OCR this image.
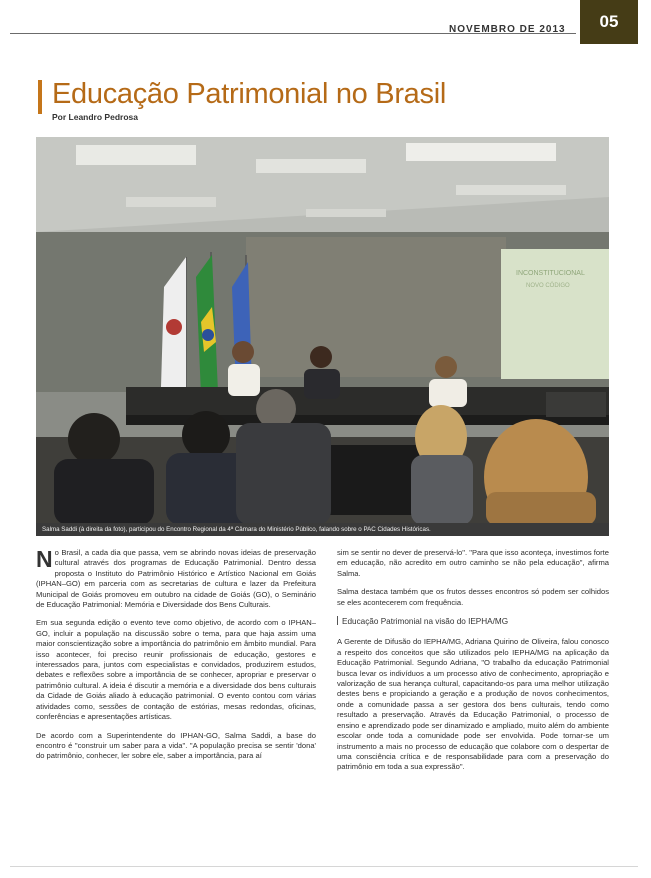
NOVEMBRO DE 2013	05
Educação Patrimonial no Brasil
Por Leandro Pedrosa
INCONSTITUCIONAL
NOVO CÓDIGO
Salma Saddi (à direita da foto), participou do Encontro Regional da 4ª Câmara do Ministério Público, falando sobre o PAC Cidades Históricas.

No Brasil, a cada dia que passa, vem se abrindo novas ideias de preservação cultural através dos programas de Educação Patrimonial. Dentro dessa proposta o Instituto do Patrimônio Histórico e Artístico Nacional em Goiás (IPHAN–GO) em parceria com as secretarias de cultura e lazer da Prefeitura Municipal de Goiás promoveu em outubro na cidade de Goiás (GO), o Seminário de Educação Patrimonial: Memória e Diversidade dos Bens Culturais.

Em sua segunda edição o evento teve como objetivo, de acordo com o IPHAN–GO, incluir a população na discussão sobre o tema, para que haja assim uma maior conscientização sobre a importância do patrimônio em âmbito mundial. Para isso acontecer, foi preciso reunir profissionais de educação, gestores e interessados para, juntos com especialistas e convidados, produzirem estudos, debates e reflexões sobre a importância de se conhecer, apropriar e preservar o patrimônio cultural. A ideia é discutir a memória e a diversidade dos bens culturais da Cidade de Goiás aliado à educação patrimonial. O evento contou com várias atividades como, sessões de contação de estórias, mesas redondas, oficinas, conferências e apresentações artísticas.

De acordo com a Superintendente do IPHAN-GO, Salma Saddi, a base do encontro é "construir um saber para a vida". "A população precisa se sentir 'dona' do patrimônio, conhecer, ler sobre ele, saber a importância, para aí

sim se sentir no dever de preservá-lo". "Para que isso aconteça, investimos forte em educação, não acredito em outro caminho se não pela educação", afirma Salma.

Salma destaca também que os frutos desses encontros só podem ser colhidos se eles acontecerem com frequência.

Educação Patrimonial na visão do IEPHA/MG

A Gerente de Difusão do IEPHA/MG, Adriana Quirino de Oliveira, falou conosco a respeito dos conceitos que são utilizados pelo IEPHA/MG na aplicação da Educação Patrimonial. Segundo Adriana, "O trabalho da educação Patrimonial busca levar os indivíduos a um processo ativo de conhecimento, apropriação e valorização de sua herança cultural, capacitando-os para uma melhor utilização destes bens e propiciando a geração e a produção de novos conhecimentos, onde a comunidade passa a ser gestora dos bens culturais, tendo como resultado a preservação. Através da Educação Patrimonial, o processo de ensino e aprendizado pode ser dinamizado e ampliado, muito além do ambiente escolar onde toda a comunidade pode ser envolvida. Pode tornar-se um instrumento a mais no processo de educação que colabore com o despertar de uma consciência crítica e de responsabilidade para com a preservação do patrimônio em toda a sua expressão".
